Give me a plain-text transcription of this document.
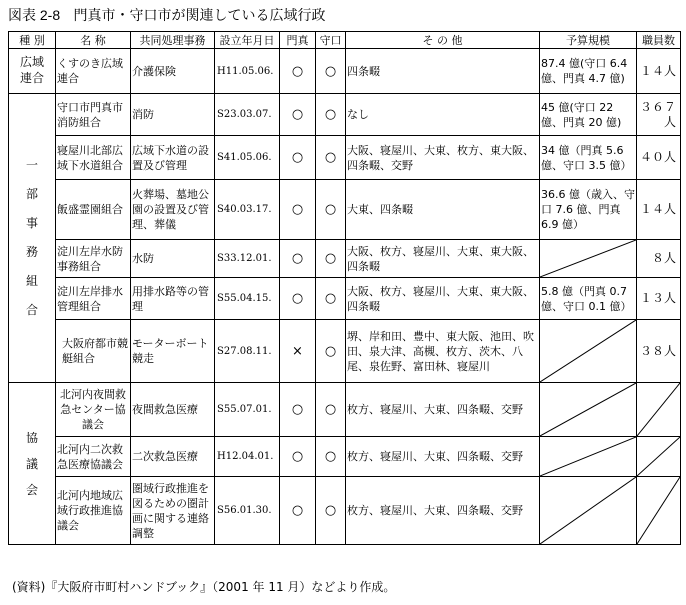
図表 2-8 門真市・守口市が関連している広域行政
種 別	名 称	共同処理事務	設立年月日	門真	守口	そ の 他	予算規模	職員数
広域連合	くすのき広域連合	介護保険	H11.05.06.	○	○	四条畷	87.4 億(守口 6.4 億、門真 4.7 億)	１４人
一部事務組合	守口市門真市消防組合	消防	S23.03.07.	○	○	なし	45 億(守口 22 億、門真 20 億)	３６７人
	寝屋川北部広域下水道組合	広域下水道の設置及び管理	S41.05.06.	○	○	大阪、寝屋川、大東、枚方、東大阪、四条畷、交野	34 億（門真 5.6 億、守口 3.5 億）	４０人
	飯盛霊園組合	火葬場、墓地公園の設置及び管理、葬儀	S40.03.17.	○	○	大東、四条畷	36.6 億（歳入、守口 7.6 億、門真 6.9 億）	１４人
	淀川左岸水防事務組合	水防	S33.12.01.	○	○	大阪、枚方、寝屋川、大東、東大阪、四条畷		８人
	淀川左岸排水管理組合	用排水路等の管理	S55.04.15.	○	○	大阪、枚方、寝屋川、大東、東大阪、四条畷	5.8 億（門真 0.7 億、守口 0.1 億）	１３人
	大阪府都市競艇組合	モーターボート競走	S27.08.11.	×	○	堺、岸和田、豊中、東大阪、池田、吹田、泉大津、高槻、枚方、茨木、八尾、泉佐野、富田林、寝屋川		３８人
協議会	北河内夜間救急センター協議会	夜間救急医療	S55.07.01.	○	○	枚方、寝屋川、大東、四条畷、交野	

	北河内二次救急医療協議会	二次救急医療	H12.04.01.	○	○	枚方、寝屋川、大東、四条畷、交野	

	北河内地域広域行政推進協議会	圏域行政推進を図るための圏計画に関する連絡調整	S56.01.30.	○	○	枚方、寝屋川、大東、四条畷、交野	

(資料)『大阪府市町村ハンドブック』（2001 年 11 月）などより作成。
